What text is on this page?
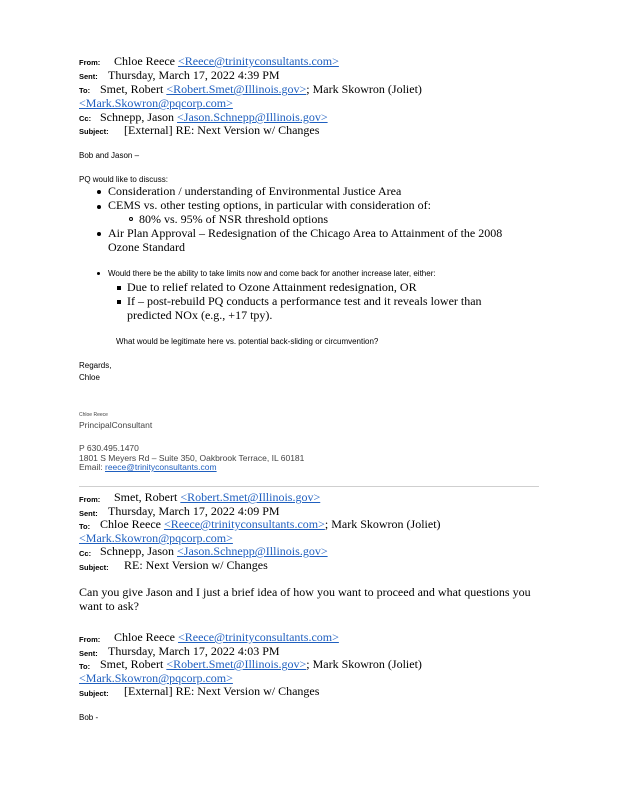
From: Chloe Reece <Reece@trinityconsultants.com>
Sent: Thursday, March 17, 2022 4:39 PM
To: Smet, Robert <Robert.Smet@Illinois.gov>; Mark Skowron (Joliet)
<Mark.Skowron@pqcorp.com>
Cc: Schnepp, Jason <Jason.Schnepp@Illinois.gov>
Subject: [External] RE: Next Version w/ Changes
Bob and Jason –
PQ would like to discuss:
Consideration / understanding of Environmental Justice Area
CEMS vs. other testing options, in particular with consideration of:
80% vs. 95% of NSR threshold options
Air Plan Approval – Redesignation of the Chicago Area to Attainment of the 2008
Ozone Standard
Would there be the ability to take limits now and come back for another increase later, either:
Due to relief related to Ozone Attainment redesignation, OR
If – post-rebuild PQ conducts a performance test and it reveals lower than
predicted NOx (e.g., +17 tpy).
What would be legitimate here vs. potential back-sliding or circumvention?
Regards,
Chloe
Chloe Reece
PrincipalConsultant
P 630.495.1470
1801 S Meyers Rd – Suite 350, Oakbrook Terrace, IL 60181
Email: reece@trinityconsultants.com
From: Smet, Robert <Robert.Smet@Illinois.gov>
Sent: Thursday, March 17, 2022 4:09 PM
To: Chloe Reece <Reece@trinityconsultants.com>; Mark Skowron (Joliet)
<Mark.Skowron@pqcorp.com>
Cc: Schnepp, Jason <Jason.Schnepp@Illinois.gov>
Subject: RE: Next Version w/ Changes
Can you give Jason and I just a brief idea of how you want to proceed and what questions you
want to ask?
From: Chloe Reece <Reece@trinityconsultants.com>
Sent: Thursday, March 17, 2022 4:03 PM
To: Smet, Robert <Robert.Smet@Illinois.gov>; Mark Skowron (Joliet)
<Mark.Skowron@pqcorp.com>
Subject: [External] RE: Next Version w/ Changes
Bob -
